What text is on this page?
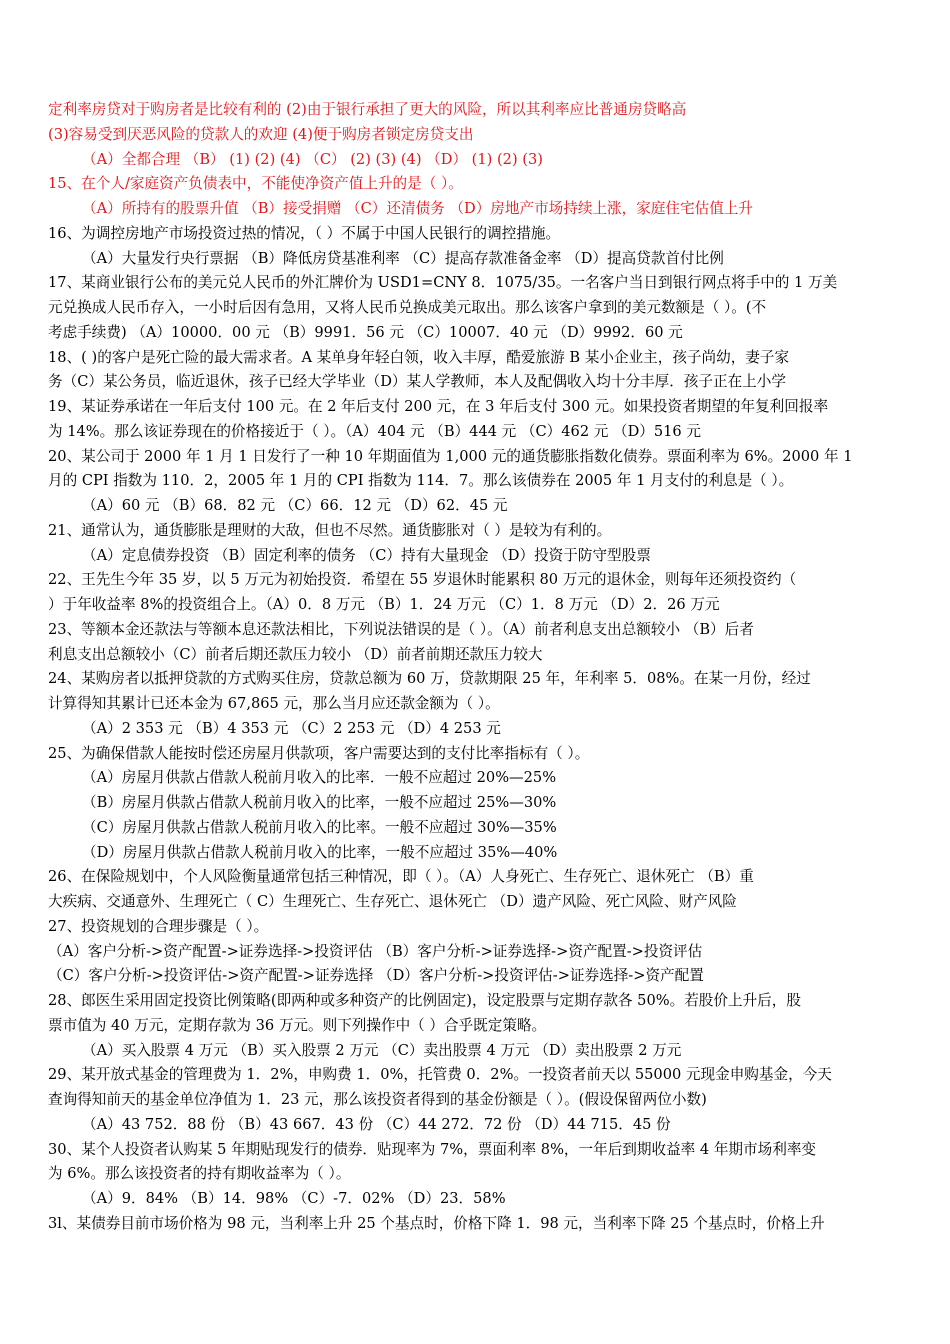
定利率房贷对于购房者是比较有利的 (2)由于银行承担了更大的风险，所以其利率应比普通房贷略高
(3)容易受到厌恶风险的贷款人的欢迎 (4)便于购房者锁定房贷支出
（A）全都合理 （B） (1) (2) (4) （C） (2) (3) (4) （D） (1) (2) (3)
15、在个人/家庭资产负债表中，不能使净资产值上升的是（ ）。
（A）所持有的股票升值 （B）接受捐赠 （C）还清债务 （D）房地产市场持续上涨，家庭住宅估值上升
16、为调控房地产市场投资过热的情况，（ ）不属于中国人民银行的调控措施。
（A）大量发行央行票据 （B）降低房贷基准利率 （C）提高存款准备金率 （D）提高贷款首付比例
17、某商业银行公布的美元兑人民币的外汇牌价为 USD1=CNY 8．1075/35。一名客户当日到银行网点将手中的 1 万美
元兑换成人民币存入，一小时后因有急用，又将人民币兑换成美元取出。那么该客户拿到的美元数额是（ ）。(不
考虑手续费) （A）10000．00 元 （B）9991．56 元 （C）10007．40 元 （D）9992．60 元
18、( )的客户是死亡险的最大需求者。A 某单身年轻白领，收入丰厚，酷爱旅游 B 某小企业主，孩子尚幼，妻子家
务（C）某公务员，临近退休，孩子已经大学毕业（D）某人学教师，本人及配偶收入均十分丰厚．孩子正在上小学
19、某证券承诺在一年后支付 100 元。在 2 年后支付 200 元，在 3 年后支付 300 元。如果投资者期望的年复利回报率
为 14%。那么该证券现在的价格接近于（ ）。（A）404 元 （B）444 元 （C）462 元 （D）516 元
20、某公司于 2000 年 1 月 1 日发行了一种 10 年期面值为 1,000 元的通货膨胀指数化债券。票面利率为 6%。2000 年 1
月的 CPI 指数为 110．2，2005 年 1 月的 CPI 指数为 114．7。那么该债券在 2005 年 1 月支付的利息是（ ）。
（A）60 元 （B）68．82 元 （C）66．12 元 （D）62．45 元
21、通常认为，通货膨胀是理财的大敌，但也不尽然。通货膨胀对（ ）是较为有利的。
（A）定息债券投资 （B）固定利率的债务 （C）持有大量现金 （D）投资于防守型股票
22、王先生今年 35 岁，以 5 万元为初始投资．希望在 55 岁退休时能累积 80 万元的退休金，则每年还须投资约（
）于年收益率 8%的投资组合上。（A）0．8 万元 （B）1．24 万元 （C）1．8 万元 （D）2．26 万元
23、等额本金还款法与等额本息还款法相比，下列说法错误的是（ ）。（A）前者利息支出总额较小 （B）后者
利息支出总额较小（C）前者后期还款压力较小 （D）前者前期还款压力较大
24、某购房者以抵押贷款的方式购买住房，贷款总额为 60 万，贷款期限 25 年，年利率 5．08%。在某一月份，经过
计算得知其累计已还本金为 67,865 元，那么当月应还款金额为（ ）。
（A）2 353 元 （B）4 353 元 （C）2 253 元 （D）4 253 元
25、为确保借款人能按时偿还房屋月供款项，客户需要达到的支付比率指标有（ ）。
（A）房屋月供款占借款人税前月收入的比率．一般不应超过 20%—25%
（B）房屋月供款占借款人税前月收入的比率，一般不应超过 25%—30%
（C）房屋月供款占借款人税前月收入的比率。一般不应超过 30%—35%
（D）房屋月供款占借款人税前月收入的比率，一般不应超过 35%—40%
26、在保险规划中，个人风险衡量通常包括三种情况，即（ ）。（A）人身死亡、生存死亡、退休死亡 （B）重
大疾病、交通意外、生理死亡（ C）生理死亡、生存死亡、退休死亡 （D）遗产风险、死亡风险、财产风险
27、投资规划的合理步骤是（ ）。
（A）客户分析->资产配置->证券选择->投资评估 （B）客户分析->证券选择->资产配置->投资评估
（C）客户分析->投资评估->资产配置->证券选择 （D）客户分析->投资评估->证券选择->资产配置
28、郎医生采用固定投资比例策略(即两种或多种资产的比例固定)，设定股票与定期存款各 50%。若股价上升后，股
票市值为 40 万元，定期存款为 36 万元。则下列操作中（ ）合乎既定策略。
（A）买入股票 4 万元 （B）买入股票 2 万元 （C）卖出股票 4 万元 （D）卖出股票 2 万元
29、某开放式基金的管理费为 1．2%，申购费 1．0%，托管费 0．2%。一投资者前天以 55000 元现金申购基金，今天
查询得知前天的基金单位净值为 1．23 元，那么该投资者得到的基金份额是（ ）。(假设保留两位小数)
（A）43 752．88 份 （B）43 667．43 份 （C）44 272．72 份 （D）44 715．45 份
30、某个人投资者认购某 5 年期贴现发行的债券．贴现率为 7%，票面利率 8%，一年后到期收益率 4 年期市场利率变
为 6%。那么该投资者的持有期收益率为（ ）。
（A）9．84% （B）14．98% （C）-7．02% （D）23．58%
3l、某债券目前市场价格为 98 元，当利率上升 25 个基点时，价格下降 1．98 元，当利率下降 25 个基点时，价格上升
